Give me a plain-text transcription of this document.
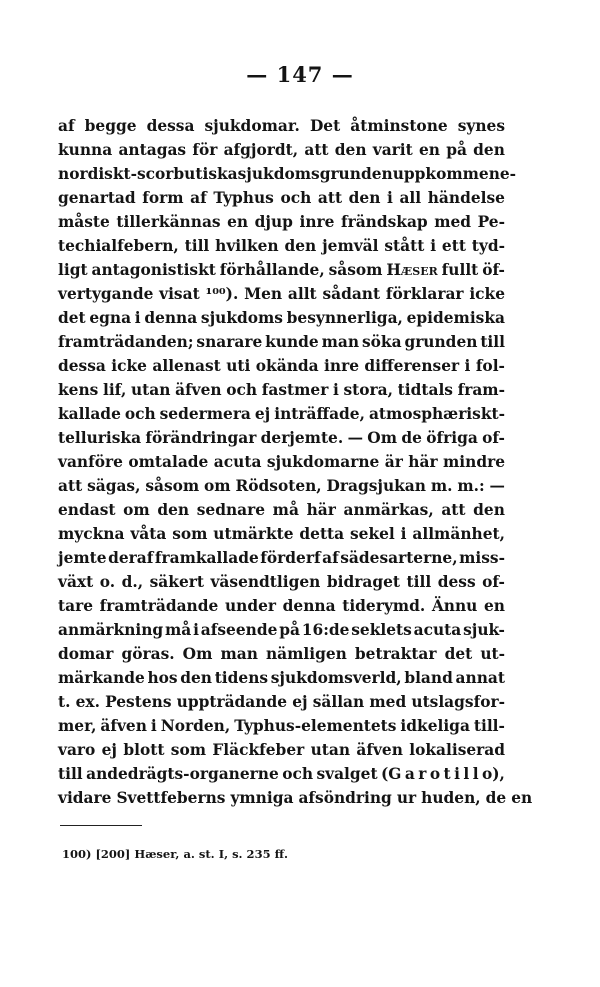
— 147 —
af begge dessa sjukdomar. Det åtminstone synes
kunna antagas för afgjordt, att den varit en på den
nordiskt-scorbutiska sjukdomsgrunden uppkommen e-
genartad form af Typhus och att den i all händelse
måste tillerkännas en djup inre frändskap med Pe-
techialfebern, till hvilken den jemväl stått i ett tyd-
ligt antagonistiskt förhållande, såsom Hæser fullt öf-
vertygande visat ¹⁰⁰). Men allt sådant förklarar icke
det egna i denna sjukdoms besynnerliga, epidemiska
framträdanden; snarare kunde man söka grunden till
dessa icke allenast uti okända inre differenser i fol-
kens lif, utan äfven och fastmer i stora, tidtals fram-
kallade och sedermera ej inträffade, atmosphæriskt-
telluriska förändringar derjemte. — Om de öfriga of-
vanföre omtalade acuta sjukdomarne är här mindre
att sägas, såsom om Rödsoten, Dragsjukan m. m.: —
endast om den sednare må här anmärkas, att den
myckna våta som utmärkte detta sekel i allmänhet,
jemte deraf framkallade förderf af sädesarterne, miss-
växt o. d., säkert väsendtligen bidraget till dess of-
tare framträdande under denna tiderymd. Ännu en
anmärkning må i afseende på 16:de seklets acuta sjuk-
domar göras. Om man nämligen betraktar det ut-
märkande hos den tidens sjukdomsverld, bland annat
t. ex. Pestens uppträdande ej sällan med utslagsfor-
mer, äfven i Norden, Typhus-elementets idkeliga till-
varo ej blott som Fläckfeber utan äfven lokaliserad
till andedrägts-organerne och svalget (G a r o t i l l o),
vidare Svettfeberns ymniga afsöndring ur huden, de en
100) [200] Hæser, a. st. I, s. 235 ff.
